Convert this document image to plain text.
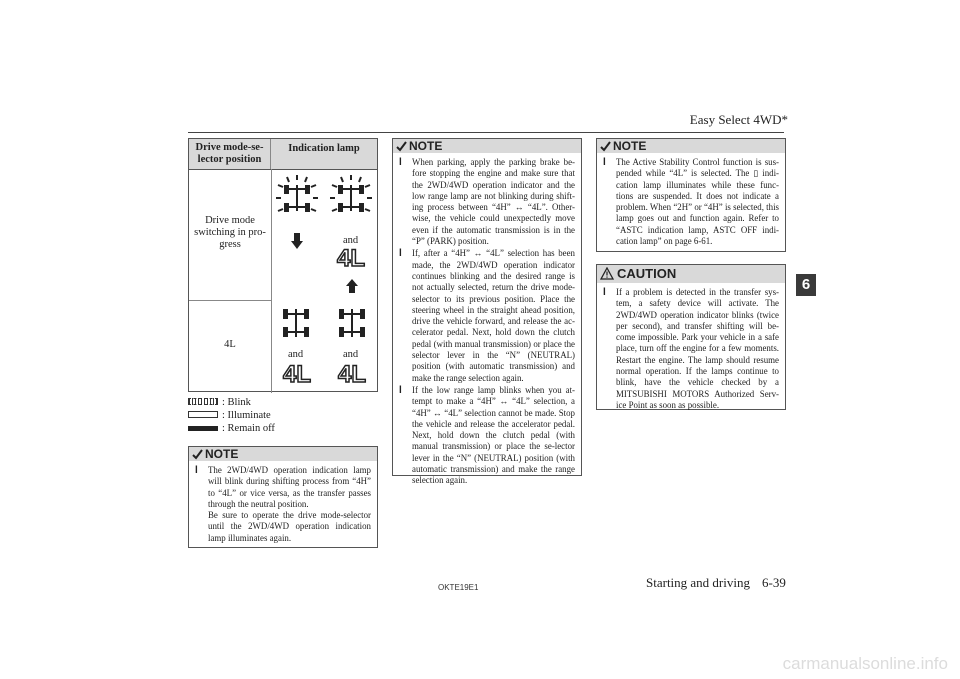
Easy Select 4WD*
6
Drive mode-se-lector position
Indication lamp
Drive mode switching in pro-gress
4L
and
4L
and
4L
and
4L
: Blink
: Illuminate
: Remain off
NOTE
l The 2WD/4WD operation indication lamp will blink during shifting process from “4H” to “4L” or vice versa, as the transfer passes through the neutral position.
Be sure to operate the drive mode-selector until the 2WD/4WD operation indication lamp illuminates again.
NOTE
l When parking, apply the parking brake be-fore stopping the engine and make sure that the 2WD/4WD operation indicator and the low range lamp are not blinking during shift-ing process between “4H” ↔ “4L”. Other-wise, the vehicle could unexpectedly move even if the automatic transmission is in the “P” (PARK) position.
l If, after a “4H” ↔ “4L” selection has been made, the 2WD/4WD operation indicator continues blinking and the desired range is not actually selected, return the drive mode-selector to its previous position. Place the steering wheel in the straight ahead position, drive the vehicle forward, and release the ac-celerator pedal. Next, hold down the clutch pedal (with manual transmission) or place the selector lever in the “N” (NEUTRAL) position (with automatic transmission) and make the range selection again.
l If the low range lamp blinks when you at-tempt to make a “4H” ↔ “4L” selection, a “4H” ↔ “4L” selection cannot be made. Stop the vehicle and release the accelerator pedal. Next, hold down the clutch pedal (with manual transmission) or place the se-lector lever in the “N” (NEUTRAL) position (with automatic transmission) and make the range selection again.
NOTE
l The Active Stability Control function is sus-pended while “4L” is selected. The ▯ indi-cation lamp illuminates while these func-tions are suspended. It does not indicate a problem. When “2H” or “4H” is selected, this lamp goes out and function again. Refer to “ASTC indication lamp, ASTC OFF indi-cation lamp” on page 6-61.
CAUTION
l If a problem is detected in the transfer sys-tem, a safety device will activate. The 2WD/4WD operation indicator blinks (twice per second), and transfer shifting will be-come impossible. Park your vehicle in a safe place, turn off the engine for a few moments. Restart the engine. The lamp should resume normal operation. If the lamps continue to blink, have the vehicle checked by a MITSUBISHI MOTORS Authorized Serv-ice Point as soon as possible.
OKTE19E1	Starting and driving 6-39
carmanualsonline.info
